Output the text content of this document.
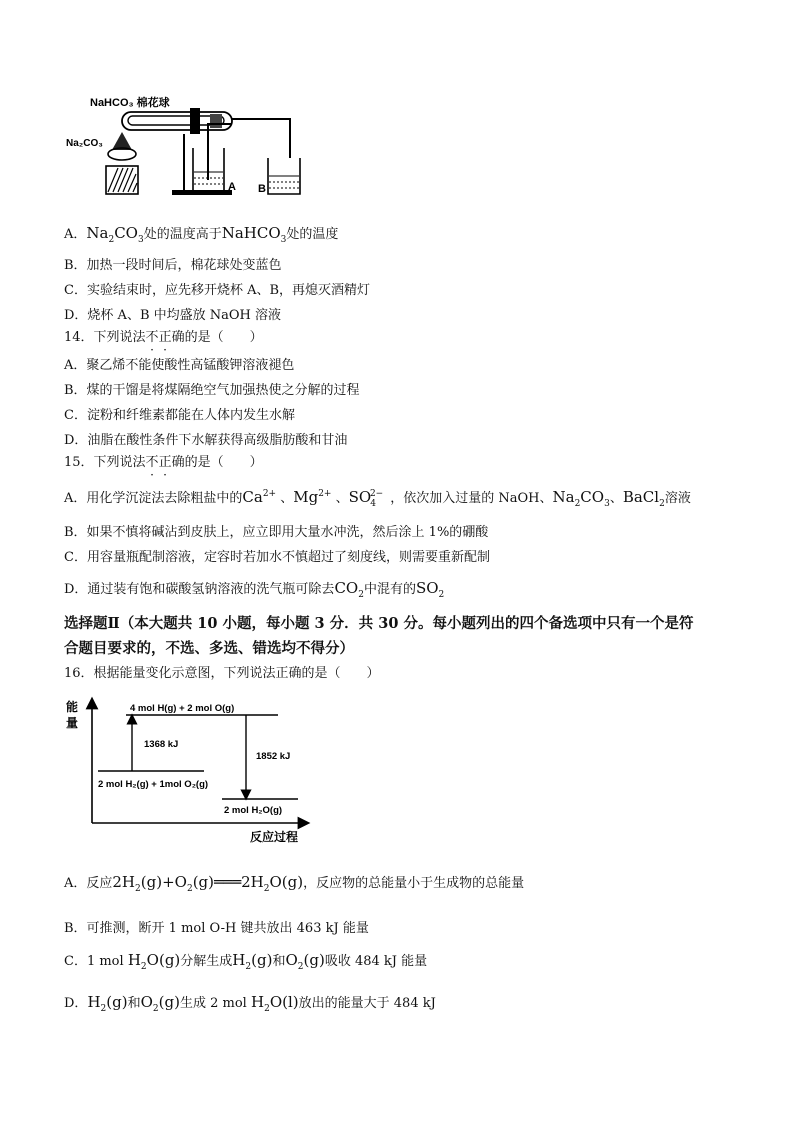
NaHCO₃ 棉花球
Na₂CO₃
A B
A．$Na_2CO_3$处的温度高于NaHCO$_3$处的温度
B．加热一段时间后，棉花球处变蓝色
C．实验结束时，应先移开烧杯 A、B，再熄灭酒精灯
D．烧杯 A、B 中均盛放 NaOH 溶液
14．下列说法不正确的是（　　）
A．聚乙烯不能使酸性高锰酸钾溶液褪色
B．煤的干馏是将煤隔绝空气加强热使之分解的过程
C．淀粉和纤维素都能在人体内发生水解
D．油脂在酸性条件下水解获得高级脂肪酸和甘油
15．下列说法不正确的是（　　）
A．用化学沉淀法去除粗盐中的$Ca^{2+}$ 、$Mg^{2+}$ 、$SO_4^{2-}$ ，依次加入过量的 NaOH、$Na_2CO_3$、BaCl$_2$溶液
B．如果不慎将碱沾到皮肤上，应立即用大量水冲洗，然后涂上 1%的硼酸
C．用容量瓶配制溶液，定容时若加水不慎超过了刻度线，则需要重新配制
D．通过装有饱和碳酸氢钠溶液的洗气瓶可除去$CO_2$中混有的$SO_2$
选择题Ⅱ（本大题共 10 小题，每小题 3 分．共 30 分。每小题列出的四个备选项中只有一个是符
合题目要求的，不选、多选、错选均不得分）
16．根据能量变化示意图，下列说法正确的是（　　）
能
量
反应过程
4 mol H(g) + 2 mol O(g)
2 mol H₂(g) + 1mol O₂(g)
2 mol H₂O(g)
1368 kJ
1852 kJ
A．反应$2H_2(g)+O_2(g)═══2H_2O(g)$，反应物的总能量小于生成物的总能量
B．可推测，断开 1 mol O-H 键共放出 463 kJ 能量
C．1 mol $H_2O(g)$分解生成$H_2(g)$和$O_2(g)$吸收 484 kJ 能量
D．$H_2(g)$和$O_2(g)$生成 2 mol $H_2O(l)$放出的能量大于 484 kJ
